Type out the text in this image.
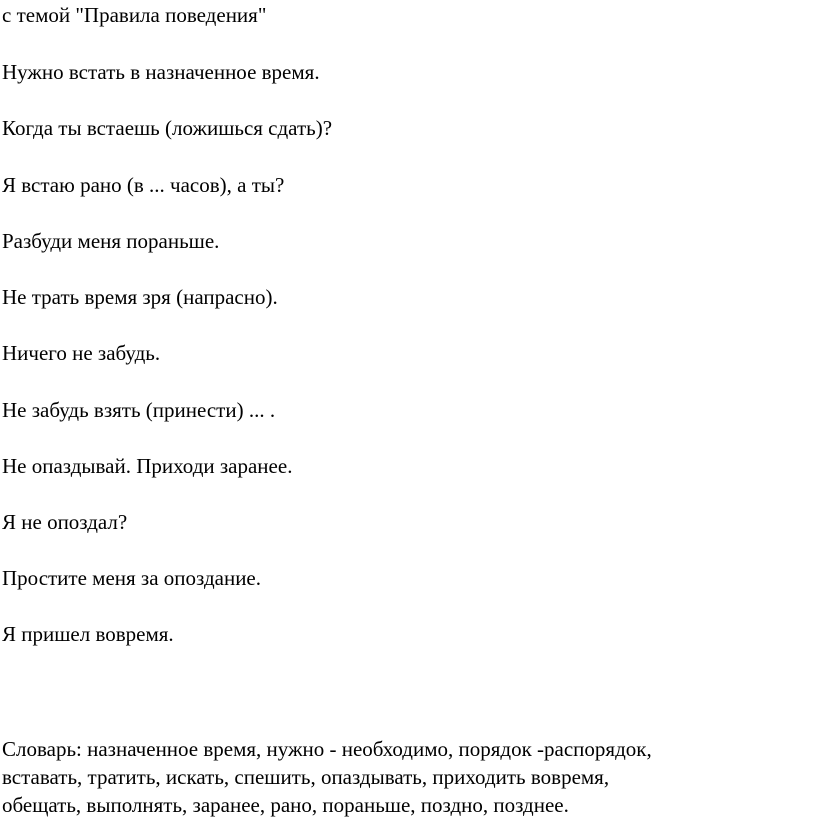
с темой "Правила поведения"
Нужно встать в назначенное время.
Когда ты встаешь (ложишься сдать)?
Я встаю рано (в ... часов), а ты?
Разбуди меня пораньше.
Не трать время зря (напрасно).
Ничего не забудь.
Не забудь взять (принести) ... .
Не опаздывай. Приходи заранее.
Я не опоздал?
Простите меня за опоздание.
Я пришел вовремя.
Словарь: назначенное время, нужно - необходимо, порядок -распорядок,
вставать, тратить, искать, спешить, опаздывать, приходить вовремя,
обещать, выполнять, заранее, рано, пораньше, поздно, позднее.
